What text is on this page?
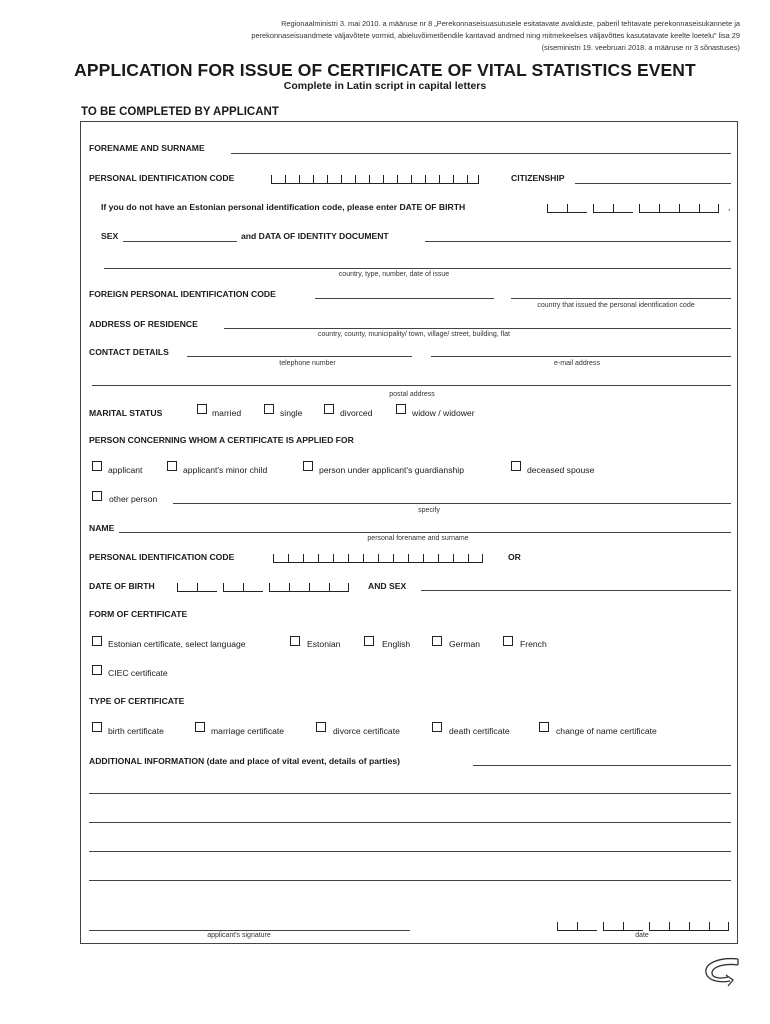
Regionaalministri 3. mai 2010. a määruse nr 8 „Perekonnaseisuasutusele esitatavate avalduste, paberil tehtavate perekonnaseisukannete ja
perekonnaseisuandmete väljavõtete vormid, abieluvõimetõendile kantavad andmed ning mitmekeelses väljavõttes kasutatavate keelte loetelu" lisa 29
(siseministri 19. veebruari 2018. a määruse nr 3 sõnastuses)
APPLICATION FOR ISSUE OF CERTIFICATE OF VITAL STATISTICS EVENT
Complete in Latin script in capital letters
TO BE COMPLETED BY APPLICANT
FORENAME AND SURNAME
PERSONAL IDENTIFICATION CODE	CITIZENSHIP
If you do not have an Estonian personal identification code, please enter DATE OF BIRTH	,
SEX	and DATA OF IDENTITY DOCUMENT
country, type, number, date of issue
FOREIGN PERSONAL IDENTIFICATION CODE
country that issued the personal identification code
ADDRESS OF RESIDENCE
country, county, municipality/ town, village/ street, building, flat
CONTACT DETAILS
telephone number	e-mail address
postal address
MARITAL STATUS	married	single	divorced	widow / widower
PERSON CONCERNING WHOM A CERTIFICATE IS APPLIED FOR
applicant	applicant's minor child	person under applicant's guardianship	deceased spouse
other person
specify
NAME
personal forename and surname
PERSONAL IDENTIFICATION CODE	OR
DATE OF BIRTH	AND SEX
FORM OF CERTIFICATE
Estonian certificate, select language	Estonian	English	German	French
CIEC certificate
TYPE OF CERTIFICATE
birth certificate	marriage certificate	divorce certificate	death certificate	change of name certificate
ADDITIONAL INFORMATION (date and place of vital event, details of parties)
applicant's signature	date
